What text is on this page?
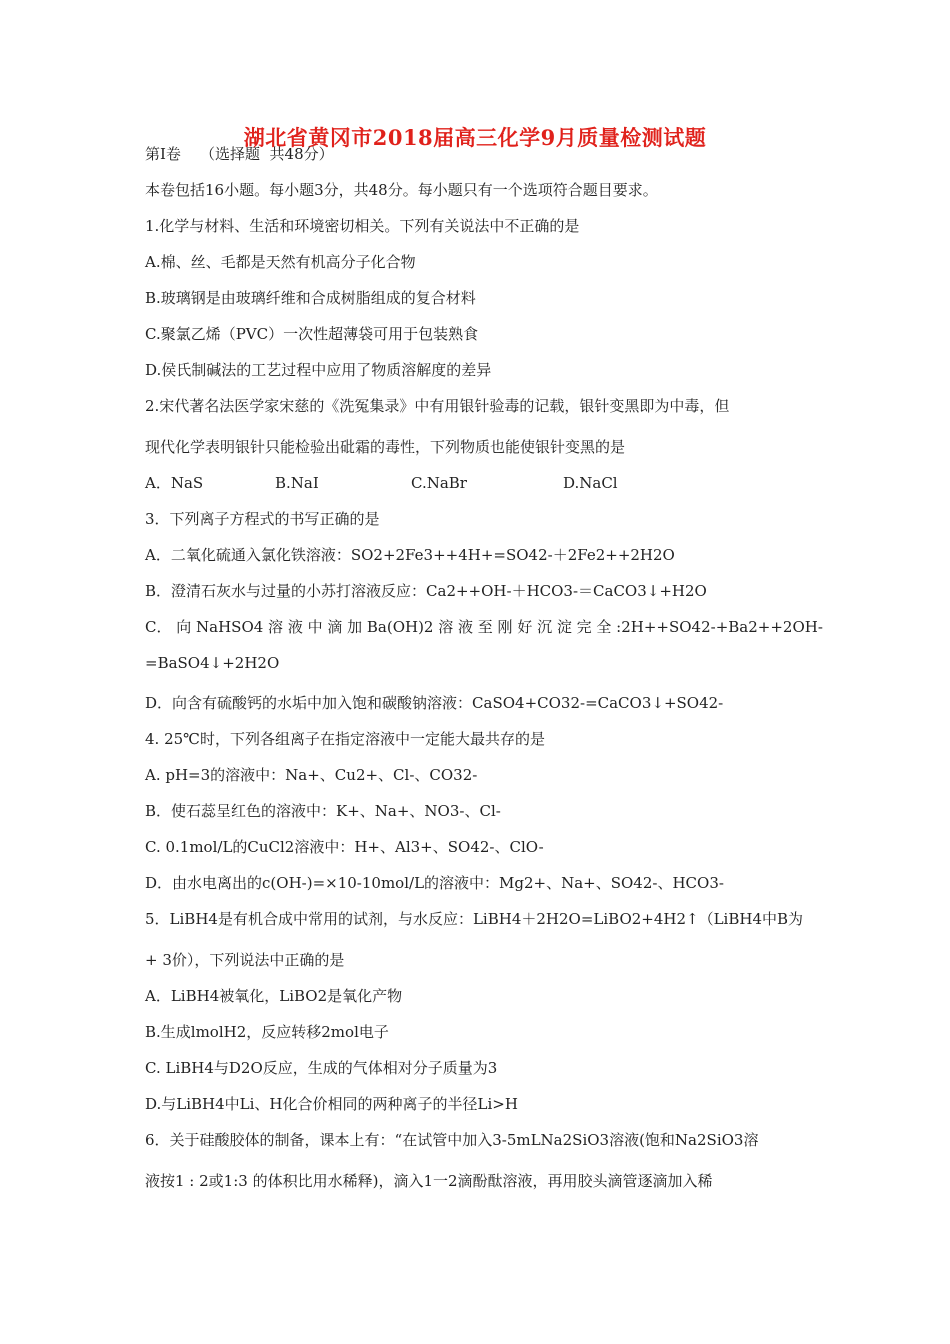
湖北省黄冈市2018届高三化学9月质量检测试题
第Ⅰ卷    （选择题  共48分）
本卷包括16小题。每小题3分，共48分。每小题只有一个选项符合题目要求。
1.化学与材料、生活和环境密切相关。下列有关说法中不正确的是
A.棉、丝、毛都是天然有机高分子化合物
B.玻璃钢是由玻璃纤维和合成树脂组成的复合材料
C.聚氯乙烯（PVC）一次性超薄袋可用于包装熟食
D.侯氏制碱法的工艺过程中应用了物质溶解度的差异
2.宋代著名法医学家宋慈的《洗冤集录》中有用银针验毒的记载，银针变黑即为中毒，但
现代化学表明银针只能检验出砒霜的毒性，下列物质也能使银针变黑的是
A．NaS	B.NaI	C.NaBr	D.NaCl
3．下列离子方程式的书写正确的是
A．二氧化硫通入氯化铁溶液：SO2+2Fe3++4H+=SO42-＋2Fe2++2H2O
B．澄清石灰水与过量的小苏打溶液反应：Ca2++OH-＋HCO3-＝CaCO3↓+H2O
C． 向 NaHSO4 溶 液 中 滴 加 Ba(OH)2 溶 液 至 刚 好 沉 淀 完 全 :2H++SO42-+Ba2++2OH-
=BaSO4↓+2H2O
D．向含有硫酸钙的水垢中加入饱和碳酸钠溶液：CaSO4+CO32-=CaCO3↓+SO42-
4. 25℃时，下列各组离子在指定溶液中一定能大最共存的是
A. pH=3的溶液中：Na+、Cu2+、Cl-、CO32-
B．使石蕊呈红色的溶液中：K+、Na+、NO3-、Cl-
C. 0.1mol/L的CuCl2溶液中：H+、Al3+、SO42-、ClO-
D．由水电离出的c(OH-)=×10-10mol/L的溶液中：Mg2+、Na+、SO42-、HCO3-
5．LiBH4是有机合成中常用的试剂，与水反应：LiBH4＋2H2O=LiBO2+4H2↑（LiBH4中B为
+ 3价），下列说法中正确的是
A．LiBH4被氧化，LiBO2是氧化产物
B.生成lmolH2，反应转移2mol电子
C. LiBH4与D2O反应，生成的气体相对分子质量为3
D.与LiBH4中Li、H化合价相同的两种离子的半径Li>H
6．关于硅酸胶体的制备，课本上有：“在试管中加入3-5mLNa2SiO3溶液(饱和Na2SiO3溶
液按1 : 2或1:3 的体积比用水稀释)，滴入1一2滴酚酞溶液，再用胶头滴管逐滴加入稀
